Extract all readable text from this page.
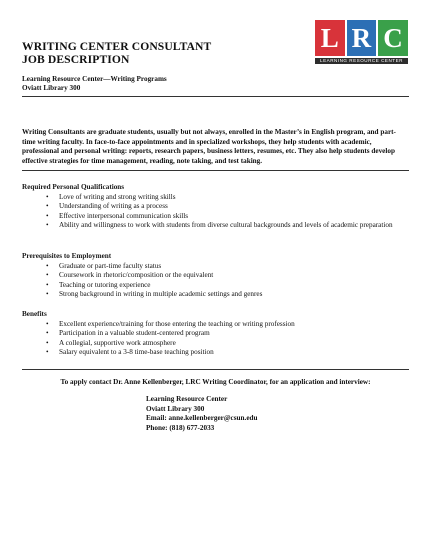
WRITING CENTER CONSULTANT
JOB DESCRIPTION
L R C
LEARNING RESOURCE CENTER
Learning Resource Center—Writing Programs
Oviatt Library 300
Writing Consultants are graduate students, usually but not always, enrolled in the Master’s in English program, and part-time writing faculty. In face-to-face appointments and in specialized workshops, they help students with academic, professional and personal writing: reports, research papers, business letters, resumes, etc. They also help students develop effective strategies for time management, reading, note taking, and test taking.
Required Personal Qualifications
• Love of writing and strong writing skills
• Understanding of writing as a process
• Effective interpersonal communication skills
• Ability and willingness to work with students from diverse cultural backgrounds and levels of academic preparation
Prerequisites to Employment
• Graduate or part-time faculty status
• Coursework in rhetoric/composition or the equivalent
• Teaching or tutoring experience
• Strong background in writing in multiple academic settings and genres
Benefits
• Excellent experience/training for those entering the teaching or writing profession
• Participation in a valuable student-centered program
• A collegial, supportive work atmosphere
• Salary equivalent to a 3-8 time-base teaching position
To apply contact Dr. Anne Kellenberger, LRC Writing Coordinator, for an application and interview:
Learning Resource Center
Oviatt Library 300
Email: anne.kellenberger@csun.edu
Phone: (818) 677-2033
